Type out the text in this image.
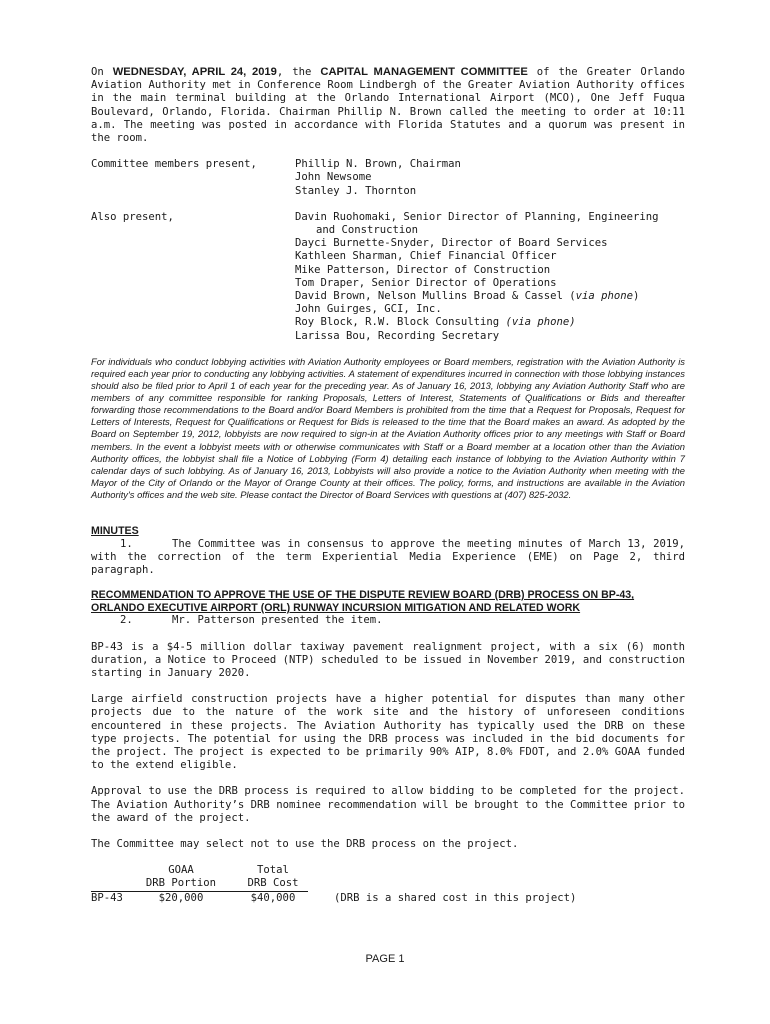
On WEDNESDAY, APRIL 24, 2019, the CAPITAL MANAGEMENT COMMITTEE of the Greater Orlando Aviation Authority met in Conference Room Lindbergh of the Greater Aviation Authority offices in the main terminal building at the Orlando International Airport (MCO), One Jeff Fuqua Boulevard, Orlando, Florida. Chairman Phillip N. Brown called the meeting to order at 10:11 a.m. The meeting was posted in accordance with Florida Statutes and a quorum was present in the room.

Committee members present,	Phillip N. Brown, Chairman
John Newsome
Stanley J. Thornton
Also present,	Davin Ruohomaki, Senior Director of Planning, Engineering
and Construction
Dayci Burnette-Snyder, Director of Board Services
Kathleen Sharman, Chief Financial Officer
Mike Patterson, Director of Construction
Tom Draper, Senior Director of Operations
David Brown, Nelson Mullins Broad & Cassel (via phone)
John Guirges, GCI, Inc.
Roy Block, R.W. Block Consulting (via phone)
Larissa Bou, Recording Secretary

For individuals who conduct lobbying activities with Aviation Authority employees or Board members, registration with the Aviation Authority is required each year prior to conducting any lobbying activities. A statement of expenditures incurred in connection with those lobbying instances should also be filed prior to April 1 of each year for the preceding year. As of January 16, 2013, lobbying any Aviation Authority Staff who are members of any committee responsible for ranking Proposals, Letters of Interest, Statements of Qualifications or Bids and thereafter forwarding those recommendations to the Board and/or Board Members is prohibited from the time that a Request for Proposals, Request for Letters of Interests, Request for Qualifications or Request for Bids is released to the time that the Board makes an award. As adopted by the Board on September 19, 2012, lobbyists are now required to sign-in at the Aviation Authority offices prior to any meetings with Staff or Board members. In the event a lobbyist meets with or otherwise communicates with Staff or a Board member at a location other than the Aviation Authority offices, the lobbyist shall file a Notice of Lobbying (Form 4) detailing each instance of lobbying to the Aviation Authority within 7 calendar days of such lobbying. As of January 16, 2013, Lobbyists will also provide a notice to the Aviation Authority when meeting with the Mayor of the City of Orlando or the Mayor of Orange County at their offices. The policy, forms, and instructions are available in the Aviation Authority's offices and the web site. Please contact the Director of Board Services with questions at (407) 825-2032.

MINUTES

1.	The Committee was in consensus to approve the meeting minutes of March 13, 2019, with the correction of the term Experiential Media Experience (EME) on Page 2, third paragraph.

RECOMMENDATION TO APPROVE THE USE OF THE DISPUTE REVIEW BOARD (DRB) PROCESS ON BP-43,
ORLANDO EXECUTIVE AIRPORT (ORL) RUNWAY INCURSION MITIGATION AND RELATED WORK

2.	Mr. Patterson presented the item.

BP-43 is a $4-5 million dollar taxiway pavement realignment project, with a six (6) month duration, a Notice to Proceed (NTP) scheduled to be issued in November 2019, and construction starting in January 2020.

Large airfield construction projects have a higher potential for disputes than many other projects due to the nature of the work site and the history of unforeseen conditions encountered in these projects. The Aviation Authority has typically used the DRB on these type projects. The potential for using the DRB process was included in the bid documents for the project. The project is expected to be primarily 90% AIP, 8.0% FDOT, and 2.0% GOAA funded to the extend eligible.

Approval to use the DRB process is required to allow bidding to be completed for the project. The Aviation Authority’s DRB nominee recommendation will be brought to the Committee prior to the award of the project.

The Committee may select not to use the DRB process on the project.

	GOAA		Total	
	DRB Portion		DRB Cost	
BP-43	$20,000		$40,000	(DRB is a shared cost in this project)
PAGE 1
